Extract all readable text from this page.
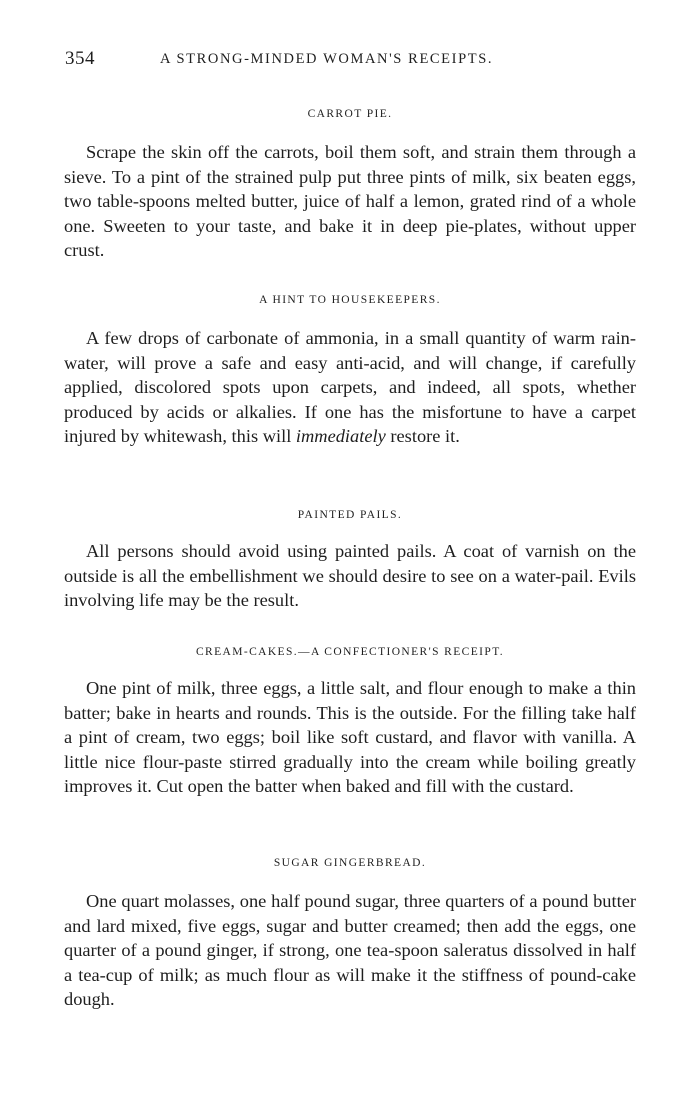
354	A STRONG-MINDED WOMAN'S RECEIPTS.

CARROT PIE.

Scrape the skin off the carrots, boil them soft, and strain them through a sieve. To a pint of the strained pulp put three pints of milk, six beaten eggs, two table-spoons melted butter, juice of half a lemon, grated rind of a whole one. Sweeten to your taste, and bake it in deep pie-plates, without upper crust.

A HINT TO HOUSEKEEPERS.

A few drops of carbonate of ammonia, in a small quantity of warm rain-water, will prove a safe and easy anti-acid, and will change, if carefully applied, discolored spots upon carpets, and indeed, all spots, whether produced by acids or alkalies. If one has the misfortune to have a carpet injured by whitewash, this will immediately restore it.

PAINTED PAILS.

All persons should avoid using painted pails. A coat of varnish on the outside is all the embellishment we should desire to see on a water-pail. Evils involving life may be the result.

CREAM-CAKES.—A CONFECTIONER'S RECEIPT.

One pint of milk, three eggs, a little salt, and flour enough to make a thin batter; bake in hearts and rounds. This is the outside. For the filling take half a pint of cream, two eggs; boil like soft custard, and flavor with vanilla. A little nice flour-paste stirred gradually into the cream while boiling greatly improves it. Cut open the batter when baked and fill with the custard.

SUGAR GINGERBREAD.

One quart molasses, one half pound sugar, three quarters of a pound butter and lard mixed, five eggs, sugar and butter creamed; then add the eggs, one quarter of a pound ginger, if strong, one tea-spoon saleratus dissolved in half a tea-cup of milk; as much flour as will make it the stiffness of pound-cake dough.
